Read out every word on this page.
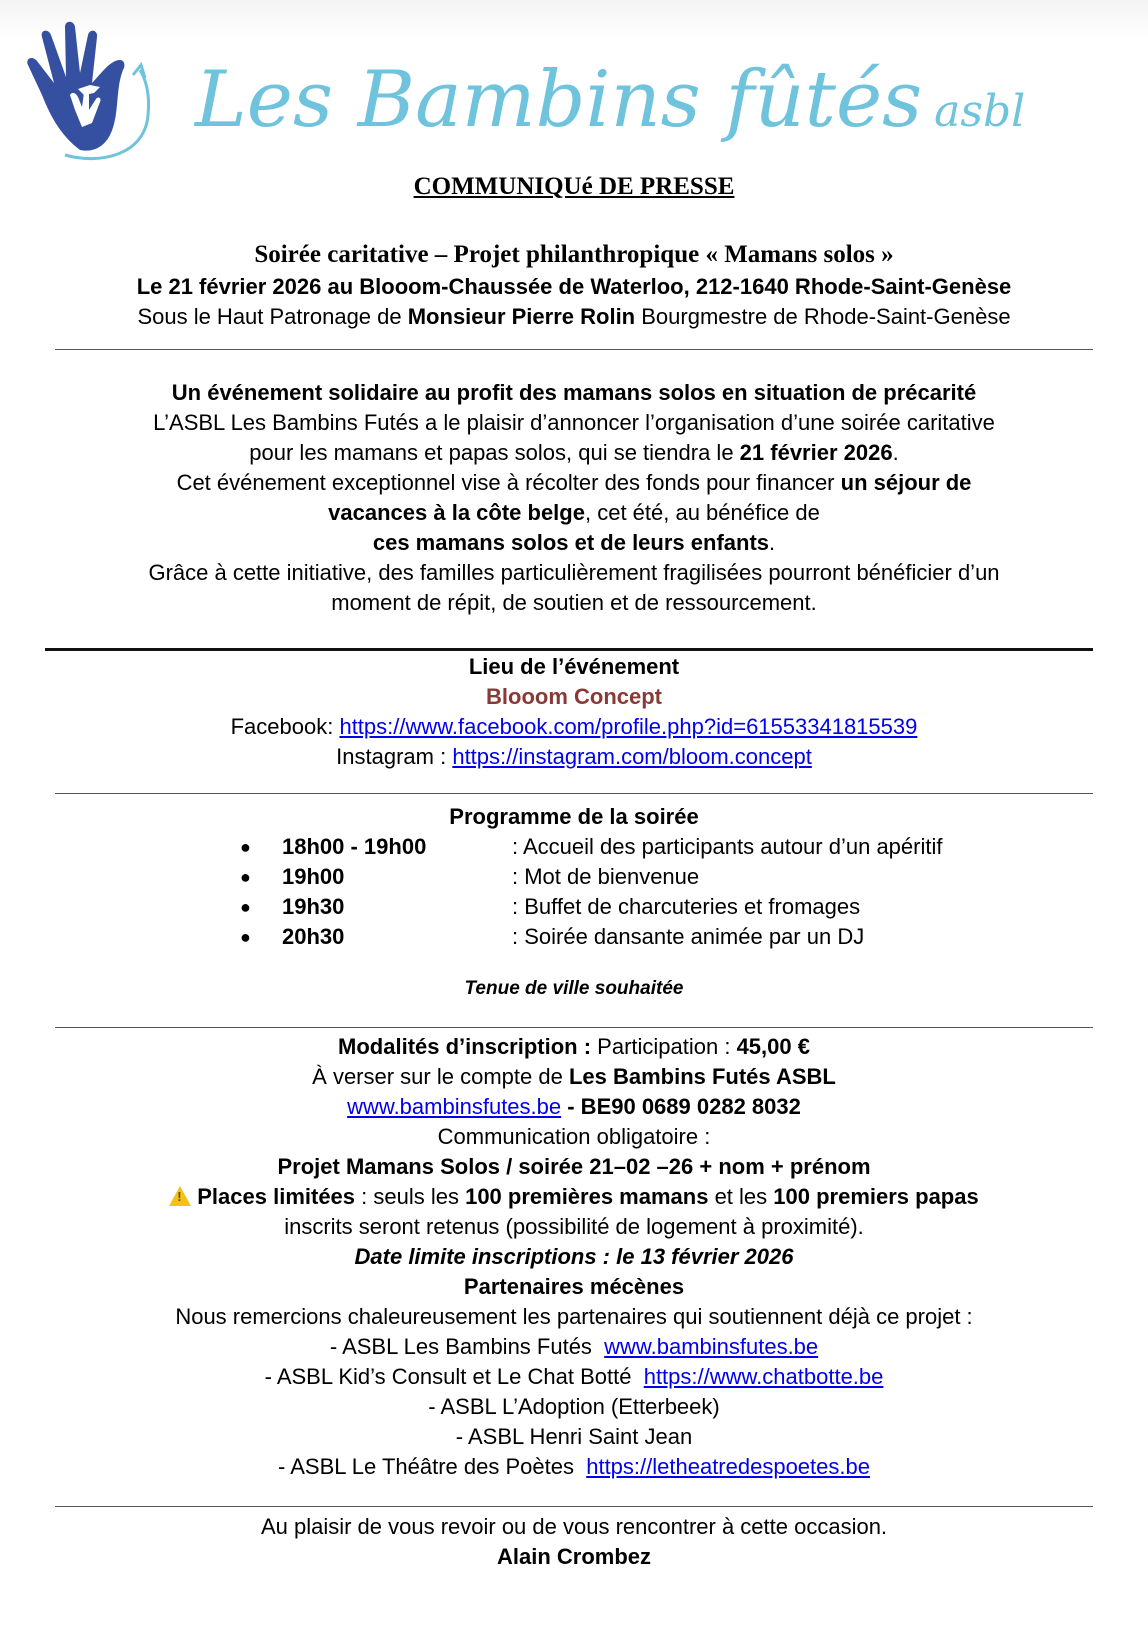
Les Bambins fûtés asbl
COMMUNIQUé DE PRESSE
Soirée caritative – Projet philanthropique « Mamans solos »
Le 21 février 2026 au Blooom-Chaussée de Waterloo, 212-1640 Rhode-Saint-Genèse
Sous le Haut Patronage de Monsieur Pierre Rolin Bourgmestre de Rhode-Saint-Genèse
Un événement solidaire au profit des mamans solos en situation de précarité
L’ASBL Les Bambins Futés a le plaisir d’annoncer l’organisation d’une soirée caritative
pour les mamans et papas solos, qui se tiendra le 21 février 2026.
Cet événement exceptionnel vise à récolter des fonds pour financer un séjour de
vacances à la côte belge, cet été, au bénéfice de
ces mamans solos et de leurs enfants.
Grâce à cette initiative, des familles particulièrement fragilisées pourront bénéficier d’un
moment de répit, de soutien et de ressourcement.
Lieu de l’événement
Blooom Concept
Facebook: https://www.facebook.com/profile.php?id=61553341815539
Instagram : https://instagram.com/bloom.concept
Programme de la soirée
● 18h00 - 19h00	: Accueil des participants autour d’un apéritif
● 19h00	: Mot de bienvenue
● 19h30	: Buffet de charcuteries et fromages
● 20h30	: Soirée dansante animée par un DJ
Tenue de ville souhaitée
Modalités d’inscription : Participation : 45,00 €
À verser sur le compte de Les Bambins Futés ASBL
www.bambinsfutes.be - BE90 0689 0282 8032
Communication obligatoire :
Projet Mamans Solos / soirée 21–02 –26 + nom + prénom
!Places limitées : seuls les 100 premières mamans et les 100 premiers papas
inscrits seront retenus (possibilité de logement à proximité).
Date limite inscriptions : le 13 février 2026
Partenaires mécènes
Nous remercions chaleureusement les partenaires qui soutiennent déjà ce projet :
- ASBL Les Bambins Futés  www.bambinsfutes.be
- ASBL Kid’s Consult et Le Chat Botté  https://www.chatbotte.be
- ASBL L’Adoption (Etterbeek)
- ASBL Henri Saint Jean
- ASBL Le Théâtre des Poètes  https://letheatredespoetes.be
Au plaisir de vous revoir ou de vous rencontrer à cette occasion.
Alain Crombez
